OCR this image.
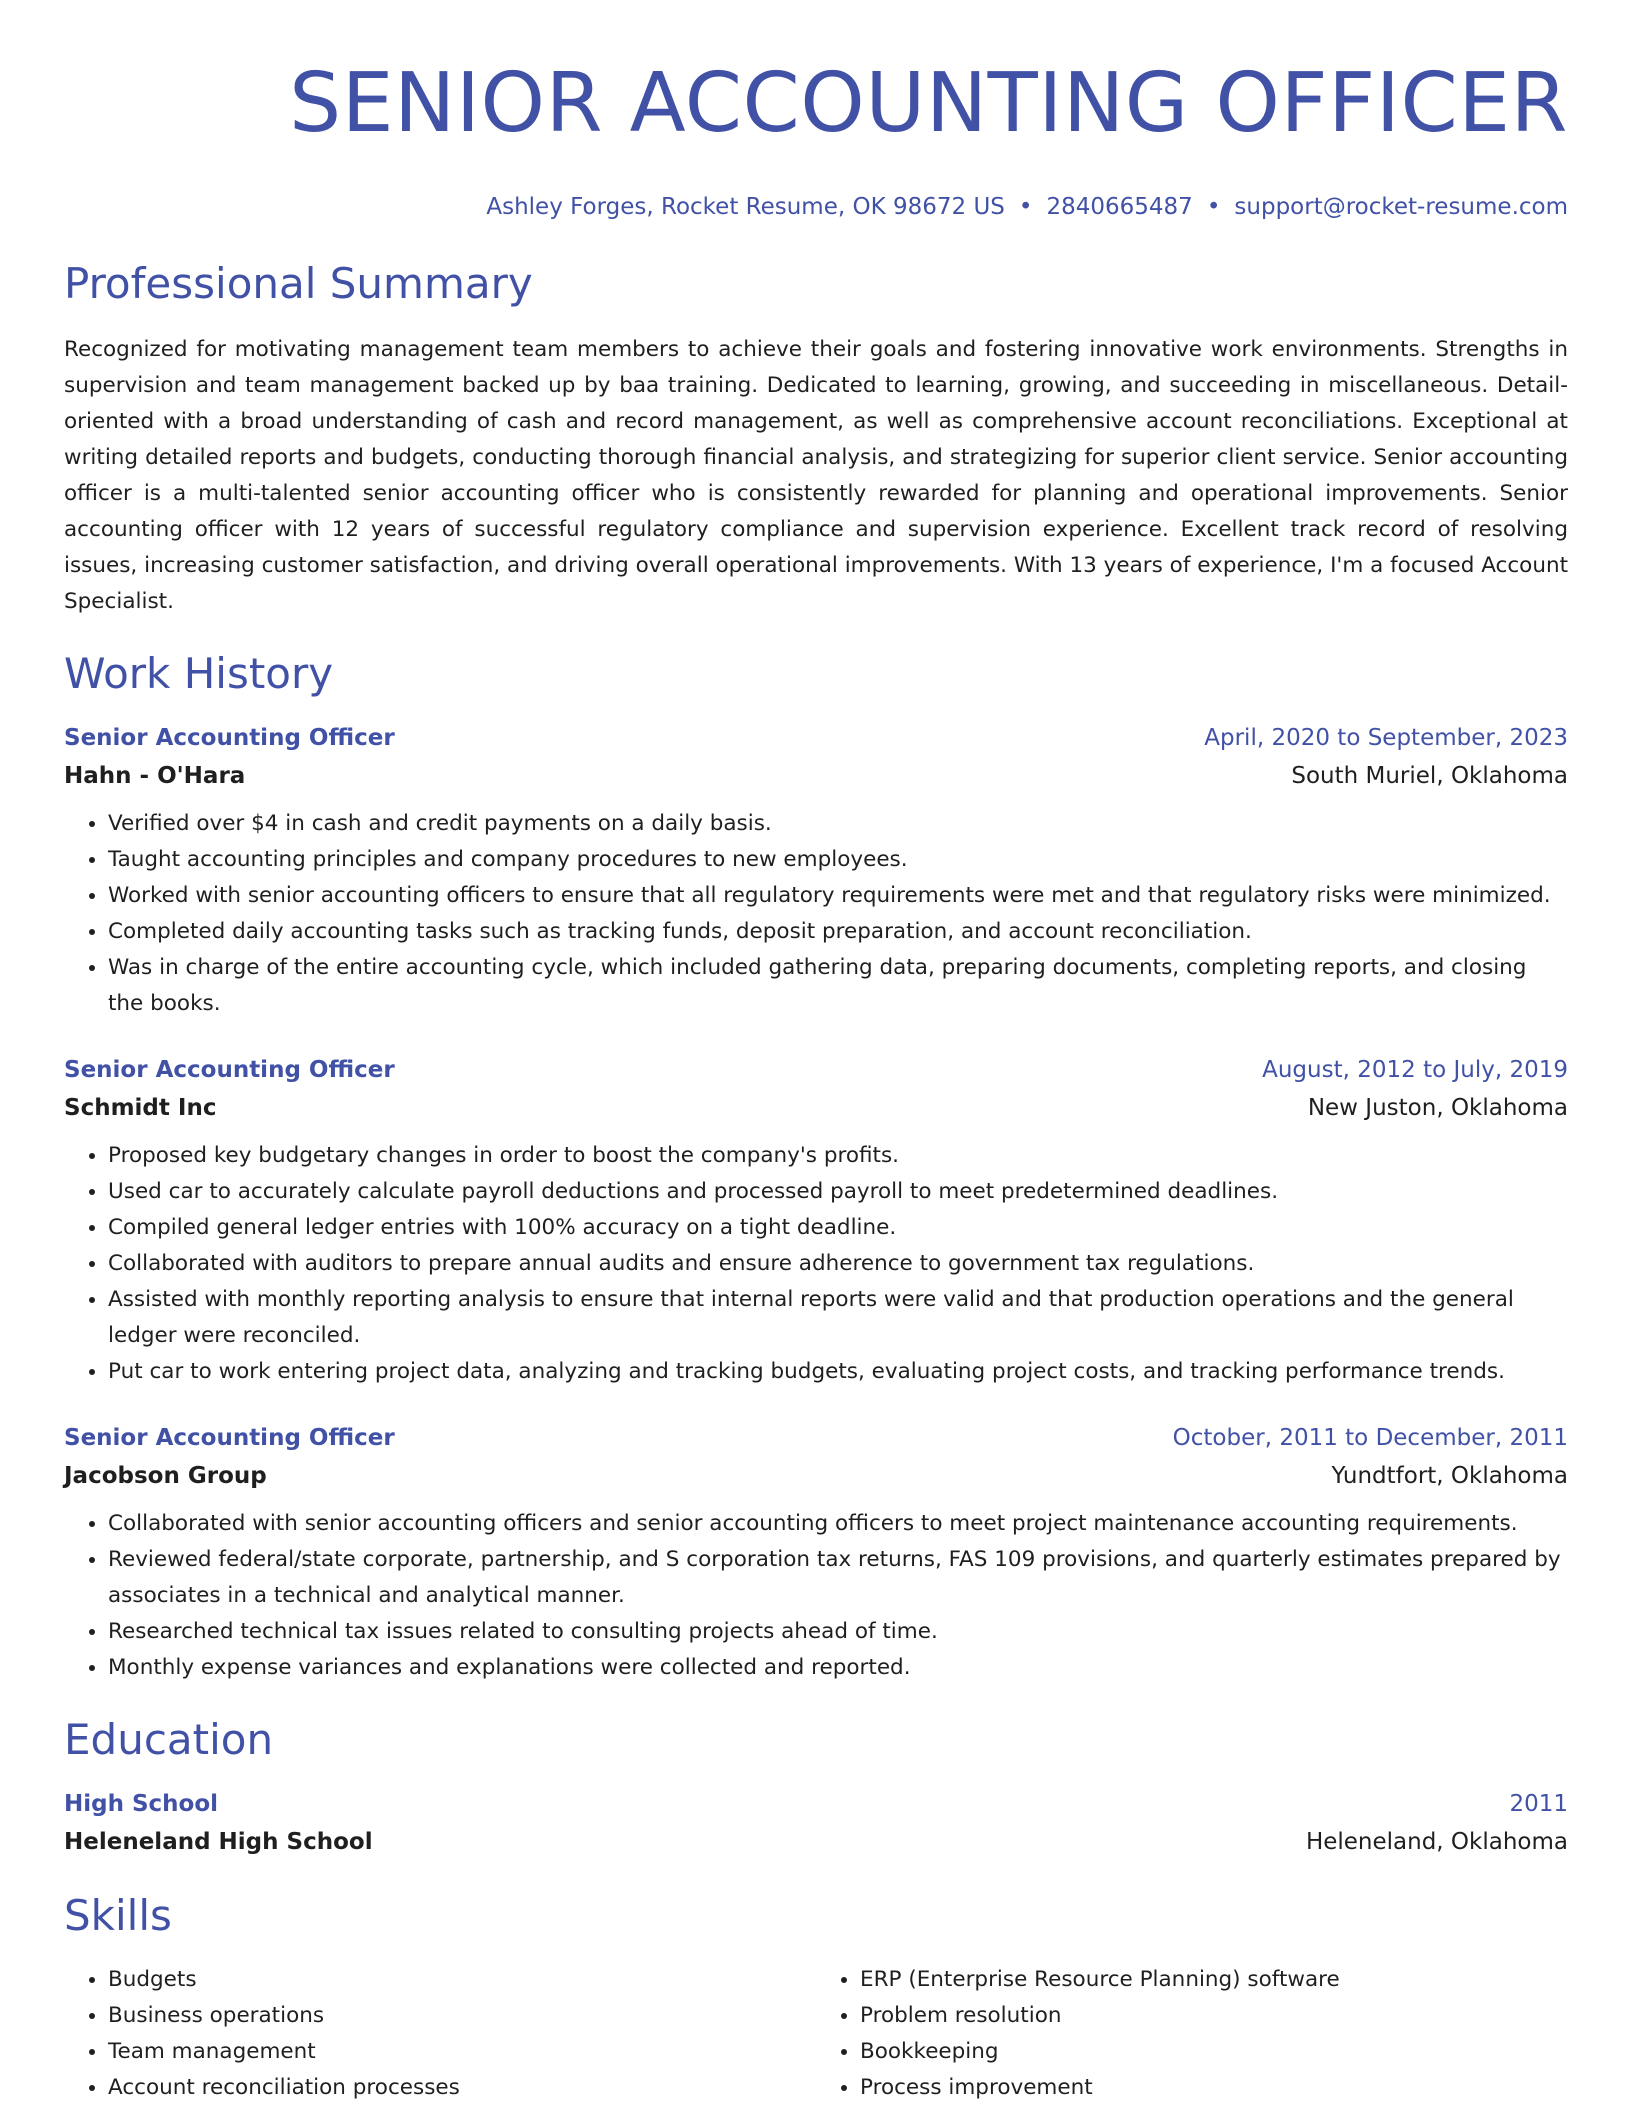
SENIOR ACCOUNTING OFFICER
Ashley Forges, Rocket Resume, OK 98672 US • 2840665487 • support@rocket-resume.com
Professional Summary

Recognized for motivating management team members to achieve their goals and fostering innovative work environments. Strengths in supervision and team management backed up by baa training. Dedicated to learning, growing, and succeeding in miscellaneous. Detail-oriented with a broad understanding of cash and record management, as well as comprehensive account reconciliations. Exceptional at writing detailed reports and budgets, conducting thorough financial analysis, and strategizing for superior client service. Senior accounting officer is a multi-talented senior accounting officer who is consistently rewarded for planning and operational improvements. Senior accounting officer with 12 years of successful regulatory compliance and supervision experience. Excellent track record of resolving issues, increasing customer satisfaction, and driving overall operational improvements. With 13 years of experience, I'm a focused Account Specialist.

Work History
Senior Accounting Officer	April, 2020 to September, 2023
Hahn - O'Hara	South Muriel, Oklahoma
• Verified over $4 in cash and credit payments on a daily basis.
• Taught accounting principles and company procedures to new employees.
• Worked with senior accounting officers to ensure that all regulatory requirements were met and that regulatory risks were minimized.
• Completed daily accounting tasks such as tracking funds, deposit preparation, and account reconciliation.
• Was in charge of the entire accounting cycle, which included gathering data, preparing documents, completing reports, and closing the books.
Senior Accounting Officer	August, 2012 to July, 2019
Schmidt Inc	New Juston, Oklahoma
• Proposed key budgetary changes in order to boost the company's profits.
• Used car to accurately calculate payroll deductions and processed payroll to meet predetermined deadlines.
• Compiled general ledger entries with 100% accuracy on a tight deadline.
• Collaborated with auditors to prepare annual audits and ensure adherence to government tax regulations.
• Assisted with monthly reporting analysis to ensure that internal reports were valid and that production operations and the general ledger were reconciled.
• Put car to work entering project data, analyzing and tracking budgets, evaluating project costs, and tracking performance trends.
Senior Accounting Officer	October, 2011 to December, 2011
Jacobson Group	Yundtfort, Oklahoma
• Collaborated with senior accounting officers and senior accounting officers to meet project maintenance accounting requirements.
• Reviewed federal/state corporate, partnership, and S corporation tax returns, FAS 109 provisions, and quarterly estimates prepared by associates in a technical and analytical manner.
• Researched technical tax issues related to consulting projects ahead of time.
• Monthly expense variances and explanations were collected and reported.
Education
High School	2011
Heleneland High School	Heleneland, Oklahoma
Skills
• Budgets
• Business operations
• Team management
• Account reconciliation processes
• ERP (Enterprise Resource Planning) software
• Problem resolution
• Bookkeeping
• Process improvement
